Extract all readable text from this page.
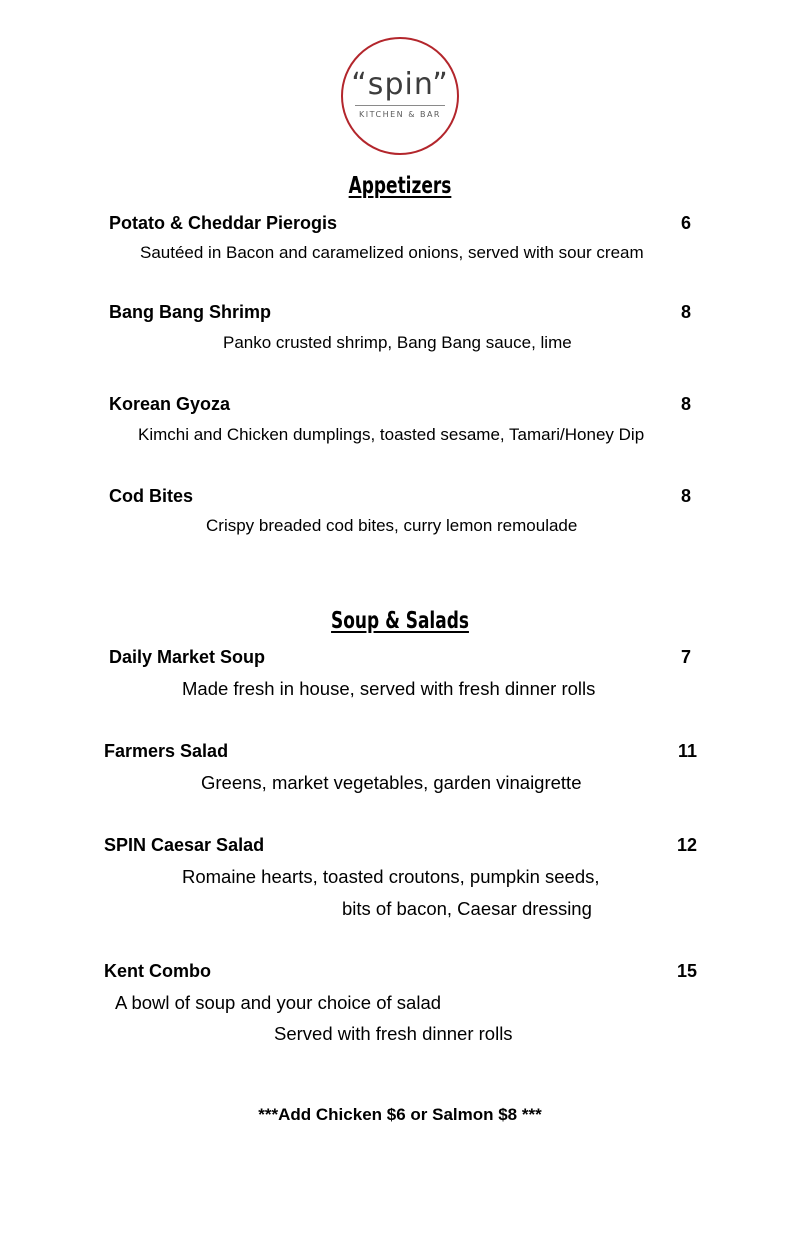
“spin”
KITCHEN & BAR
Appetizers
Potato & Cheddar Pierogis	6
Sautéed in Bacon and caramelized onions, served with sour cream
Bang Bang Shrimp	8
Panko crusted shrimp, Bang Bang sauce, lime
Korean Gyoza	8
Kimchi and Chicken dumplings, toasted sesame, Tamari/Honey Dip
Cod Bites	8
Crispy breaded cod bites, curry lemon remoulade
Soup & Salads
Daily Market Soup	7
Made fresh in house, served with fresh dinner rolls
Farmers Salad	11
Greens, market vegetables, garden vinaigrette
SPIN Caesar Salad	12
Romaine hearts, toasted croutons, pumpkin seeds,
bits of bacon, Caesar dressing
Kent Combo	15
A bowl of soup and your choice of salad
Served with fresh dinner rolls
***Add Chicken $6 or Salmon $8 ***
